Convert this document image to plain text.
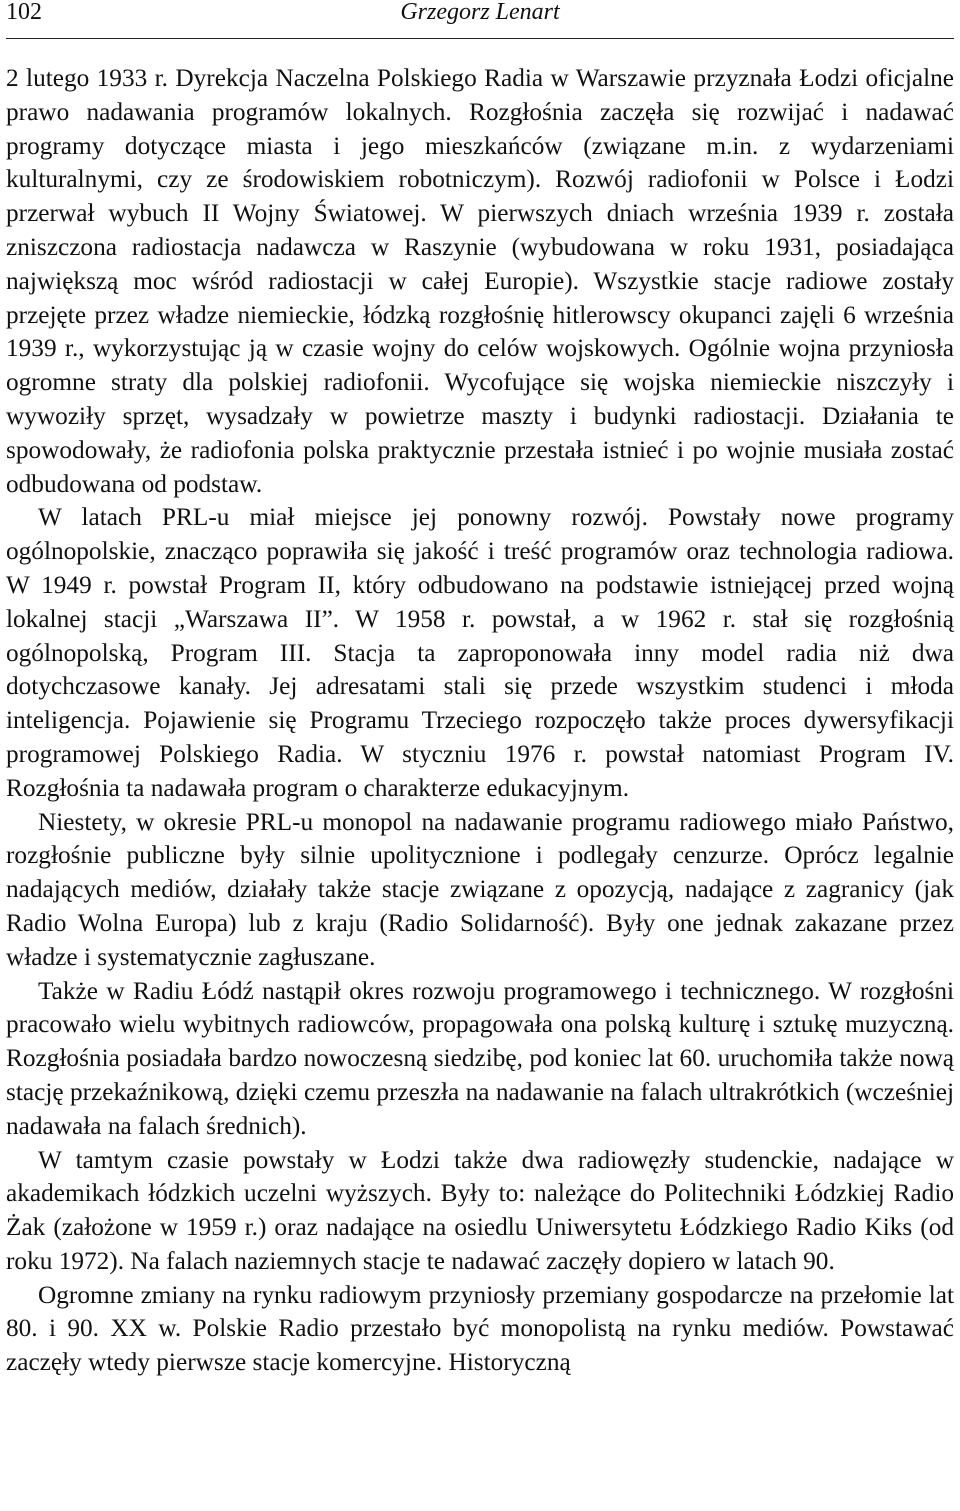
102	Grzegorz Lenart

2 lutego 1933 r. Dyrekcja Naczelna Polskiego Radia w Warszawie przyznała Łodzi oficjalne prawo nadawania programów lokalnych. Rozgłośnia zaczęła się rozwijać i nadawać programy dotyczące miasta i jego mieszkańców (związane m.in. z wydarzeniami kulturalnymi, czy ze środowiskiem robotniczym). Rozwój radiofonii w Polsce i Łodzi przerwał wybuch II Wojny Światowej. W pierwszych dniach września 1939 r. została zniszczona radiostacja nadawcza w Raszynie (wybudowana w roku 1931, posiadająca największą moc wśród radiostacji w całej Europie). Wszystkie stacje radiowe zostały przejęte przez władze niemieckie, łódzką rozgłośnię hitlerowscy okupanci zajęli 6 września 1939 r., wykorzystując ją w czasie wojny do celów wojskowych. Ogólnie wojna przyniosła ogromne straty dla polskiej radiofonii. Wycofujące się wojska niemieckie niszczyły i wywoziły sprzęt, wysadzały w powietrze maszty i budynki radiostacji. Działania te spowodowały, że radiofonia polska praktycznie przestała istnieć i po wojnie musiała zostać odbudowana od podstaw.

W latach PRL-u miał miejsce jej ponowny rozwój. Powstały nowe programy ogólnopolskie, znacząco poprawiła się jakość i treść programów oraz technologia radiowa. W 1949 r. powstał Program II, który odbudowano na podstawie istniejącej przed wojną lokalnej stacji „Warszawa II”. W 1958 r. powstał, a w 1962 r. stał się rozgłośnią ogólnopolską, Program III. Stacja ta zaproponowała inny model radia niż dwa dotychczasowe kanały. Jej adresatami stali się przede wszystkim studenci i młoda inteligencja. Pojawienie się Programu Trzeciego rozpoczęło także proces dywersyfikacji programowej Polskiego Radia. W styczniu 1976 r. powstał natomiast Program IV. Rozgłośnia ta nadawała program o charakterze edukacyjnym.

Niestety, w okresie PRL-u monopol na nadawanie programu radiowego miało Państwo, rozgłośnie publiczne były silnie upolitycznione i podlegały cenzurze. Oprócz legalnie nadających mediów, działały także stacje związane z opozycją, nadające z zagranicy (jak Radio Wolna Europa) lub z kraju (Radio Solidarność). Były one jednak zakazane przez władze i systematycznie zagłuszane.

Także w Radiu Łódź nastąpił okres rozwoju programowego i technicznego. W rozgłośni pracowało wielu wybitnych radiowców, propagowała ona polską kulturę i sztukę muzyczną. Rozgłośnia posiadała bardzo nowoczesną siedzibę, pod koniec lat 60. uruchomiła także nową stację przekaźnikową, dzięki czemu przeszła na nadawanie na falach ultrakrótkich (wcześniej nadawała na falach średnich).

W tamtym czasie powstały w Łodzi także dwa radiowęzły studenckie, nadające w akademikach łódzkich uczelni wyższych. Były to: należące do Politechniki Łódzkiej Radio Żak (założone w 1959 r.) oraz nadające na osiedlu Uniwersytetu Łódzkiego Radio Kiks (od roku 1972). Na falach naziemnych stacje te nadawać zaczęły dopiero w latach 90.

Ogromne zmiany na rynku radiowym przyniosły przemiany gospodarcze na przełomie lat 80. i 90. XX w. Polskie Radio przestało być monopolistą na rynku mediów. Powstawać zaczęły wtedy pierwsze stacje komercyjne. Historyczną
